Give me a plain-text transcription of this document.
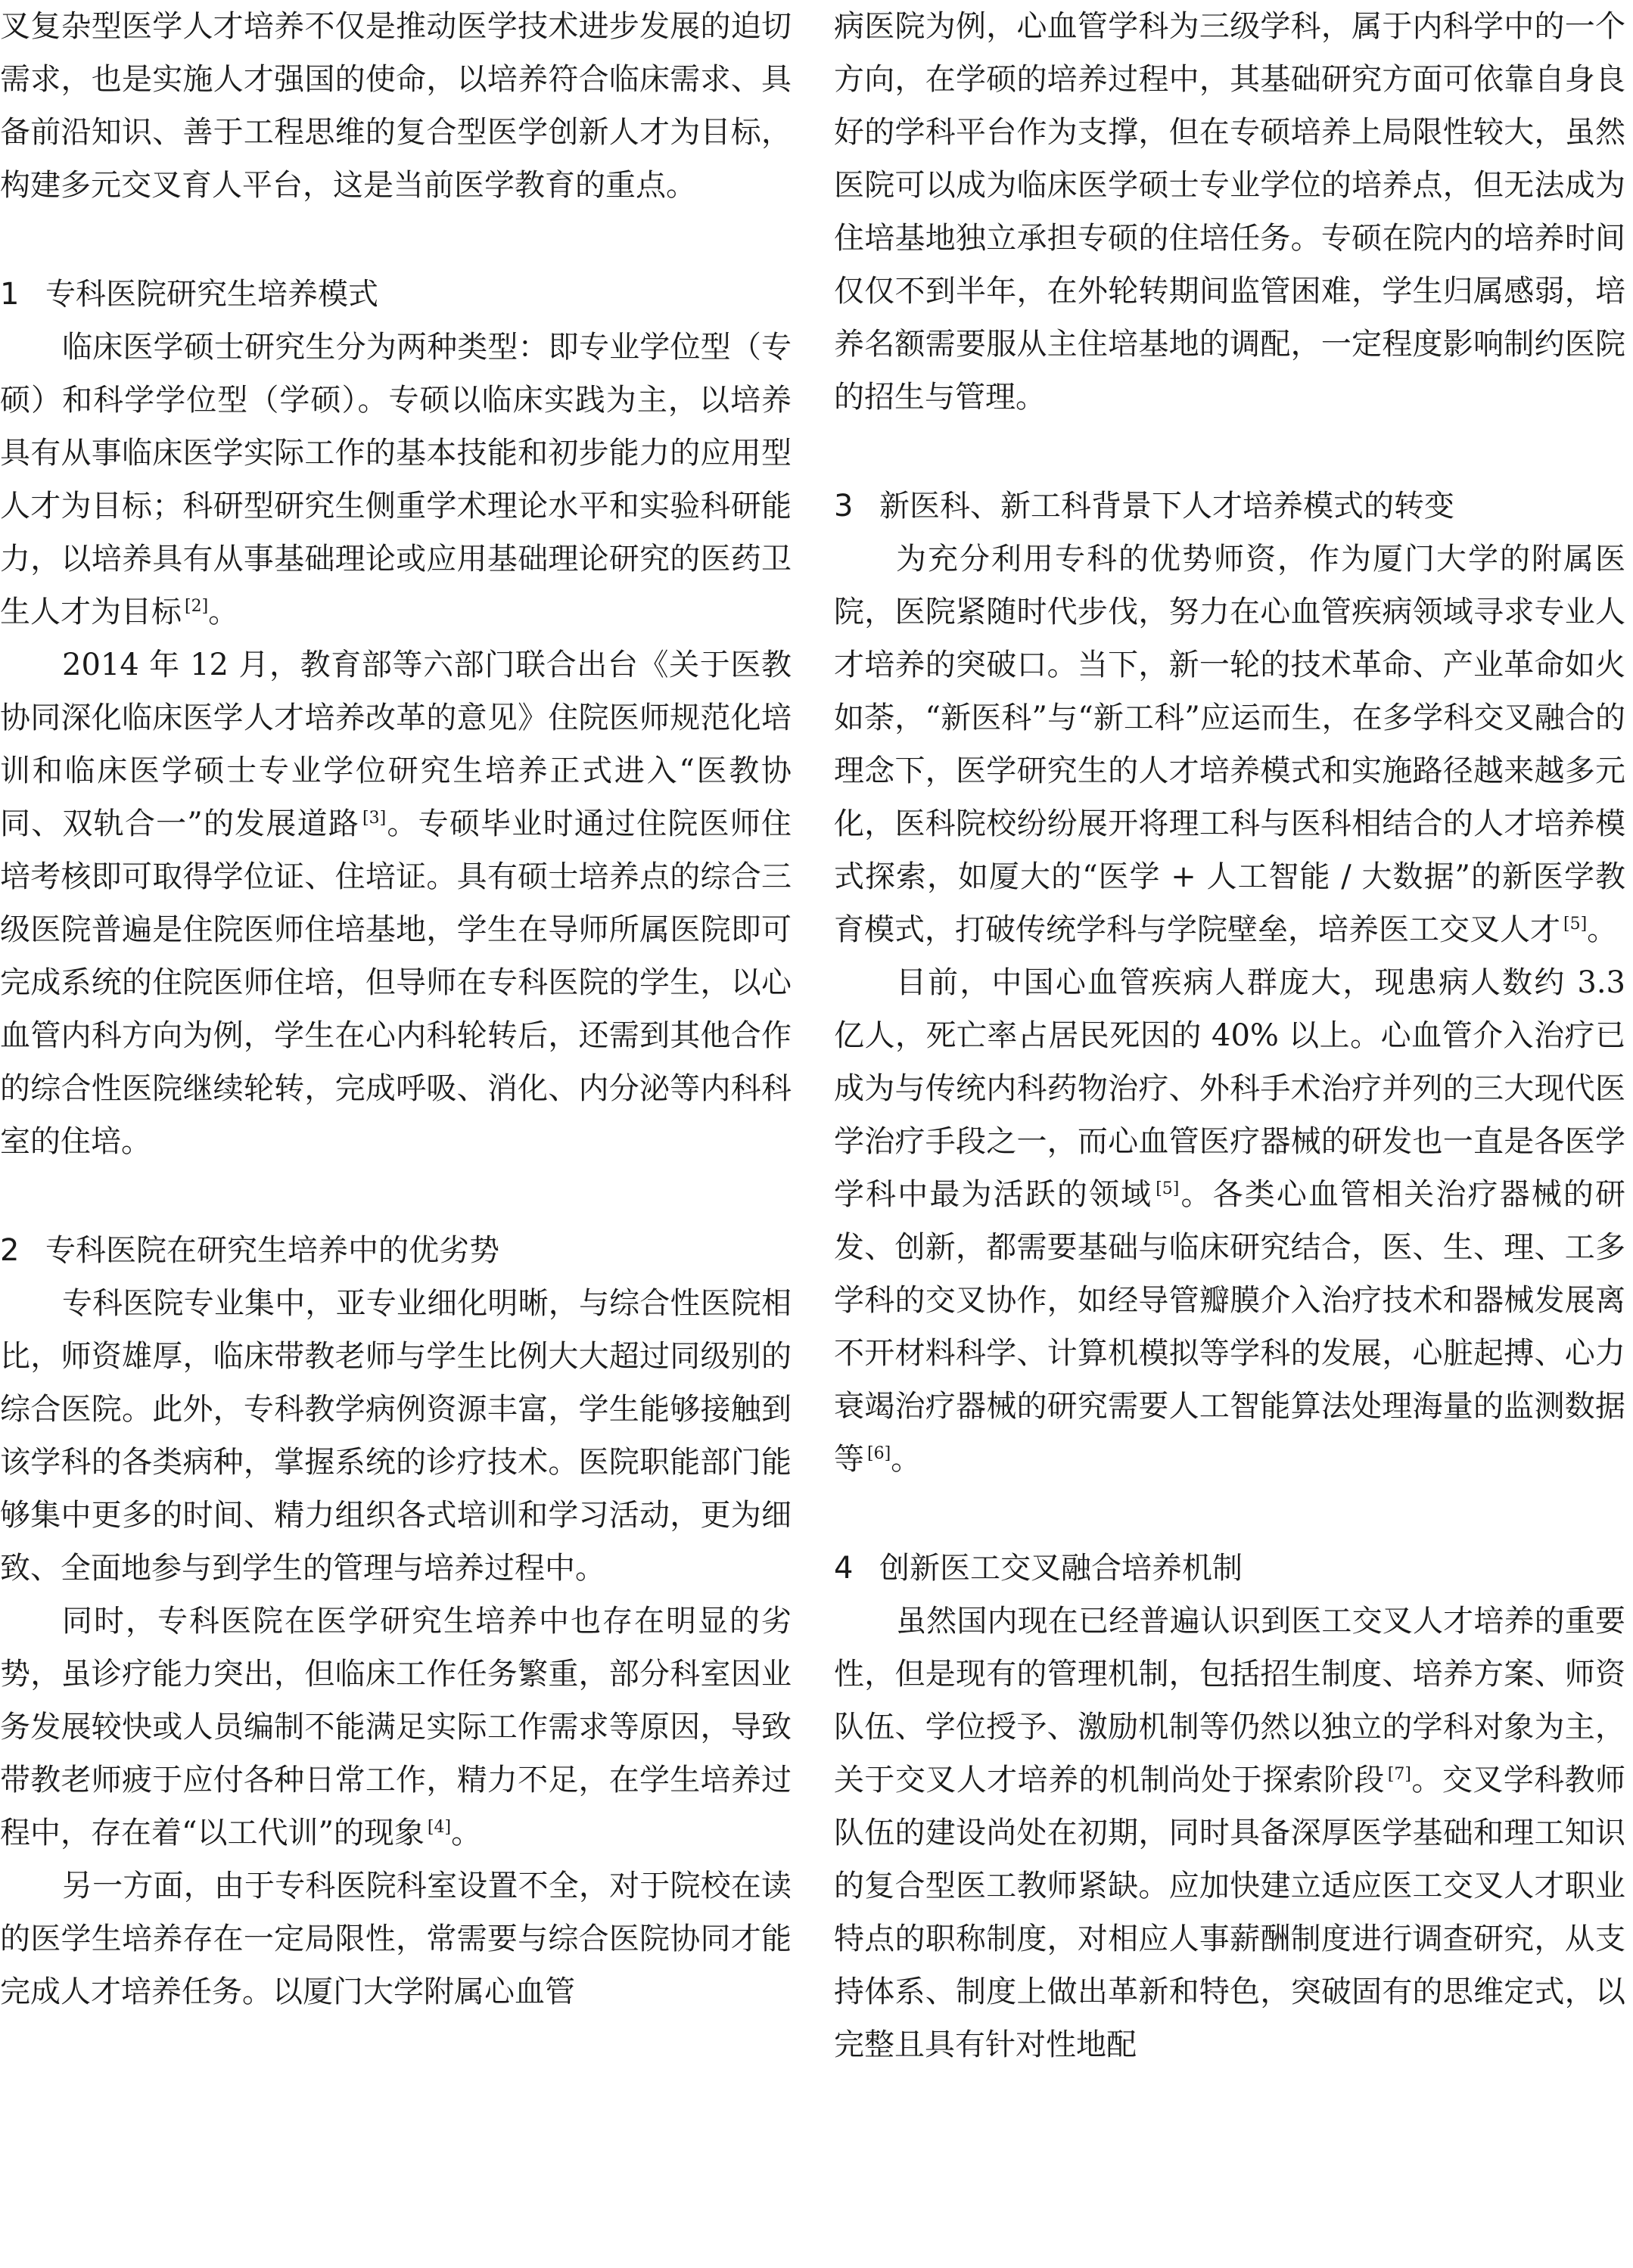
叉复杂型医学人才培养不仅是推动医学技术进步发展的迫切需求，也是实施人才强国的使命，以培养符合临床需求、具备前沿知识、善于工程思维的复合型医学创新人才为目标，构建多元交叉育人平台，这是当前医学教育的重点。

1 专科医院研究生培养模式

临床医学硕士研究生分为两种类型：即专业学位型（专硕）和科学学位型（学硕）。专硕以临床实践为主，以培养具有从事临床医学实际工作的基本技能和初步能力的应用型人才为目标；科研型研究生侧重学术理论水平和实验科研能力，以培养具有从事基础理论或应用基础理论研究的医药卫生人才为目标 [2]。

2014 年 12 月，教育部等六部门联合出台《关于医教协同深化临床医学人才培养改革的意见》住院医师规范化培训和临床医学硕士专业学位研究生培养正式进入“医教协同、双轨合一”的发展道路 [3]。专硕毕业时通过住院医师住培考核即可取得学位证、住培证。具有硕士培养点的综合三级医院普遍是住院医师住培基地，学生在导师所属医院即可完成系统的住院医师住培，但导师在专科医院的学生，以心血管内科方向为例，学生在心内科轮转后，还需到其他合作的综合性医院继续轮转，完成呼吸、消化、内分泌等内科科室的住培。

2 专科医院在研究生培养中的优劣势

专科医院专业集中，亚专业细化明晰，与综合性医院相比，师资雄厚，临床带教老师与学生比例大大超过同级别的综合医院。此外，专科教学病例资源丰富，学生能够接触到该学科的各类病种，掌握系统的诊疗技术。医院职能部门能够集中更多的时间、精力组织各式培训和学习活动，更为细致、全面地参与到学生的管理与培养过程中。

同时，专科医院在医学研究生培养中也存在明显的劣势，虽诊疗能力突出，但临床工作任务繁重，部分科室因业务发展较快或人员编制不能满足实际工作需求等原因，导致带教老师疲于应付各种日常工作，精力不足，在学生培养过程中，存在着“以工代训”的现象 [4]。

另一方面，由于专科医院科室设置不全，对于院校在读的医学生培养存在一定局限性，常需要与综合医院协同才能完成人才培养任务。以厦门大学附属心血管

病医院为例，心血管学科为三级学科，属于内科学中的一个方向，在学硕的培养过程中，其基础研究方面可依靠自身良好的学科平台作为支撑，但在专硕培养上局限性较大，虽然医院可以成为临床医学硕士专业学位的培养点，但无法成为住培基地独立承担专硕的住培任务。专硕在院内的培养时间仅仅不到半年，在外轮转期间监管困难，学生归属感弱，培养名额需要服从主住培基地的调配，一定程度影响制约医院的招生与管理。

3 新医科、新工科背景下人才培养模式的转变

为充分利用专科的优势师资，作为厦门大学的附属医院，医院紧随时代步伐，努力在心血管疾病领域寻求专业人才培养的突破口。当下，新一轮的技术革命、产业革命如火如荼，“新医科”与“新工科”应运而生，在多学科交叉融合的理念下，医学研究生的人才培养模式和实施路径越来越多元化，医科院校纷纷展开将理工科与医科相结合的人才培养模式探索，如厦大的“医学 + 人工智能 / 大数据”的新医学教育模式，打破传统学科与学院壁垒，培养医工交叉人才 [5]。

目前，中国心血管疾病人群庞大，现患病人数约 3.3 亿人，死亡率占居民死因的 40% 以上。心血管介入治疗已成为与传统内科药物治疗、外科手术治疗并列的三大现代医学治疗手段之一，而心血管医疗器械的研发也一直是各医学学科中最为活跃的领域 [5]。各类心血管相关治疗器械的研发、创新，都需要基础与临床研究结合，医、生、理、工多学科的交叉协作，如经导管瓣膜介入治疗技术和器械发展离不开材料科学、计算机模拟等学科的发展，心脏起搏、心力衰竭治疗器械的研究需要人工智能算法处理海量的监测数据等 [6]。

4 创新医工交叉融合培养机制

虽然国内现在已经普遍认识到医工交叉人才培养的重要性，但是现有的管理机制，包括招生制度、培养方案、师资队伍、学位授予、激励机制等仍然以独立的学科对象为主，关于交叉人才培养的机制尚处于探索阶段 [7]。交叉学科教师队伍的建设尚处在初期，同时具备深厚医学基础和理工知识的复合型医工教师紧缺。应加快建立适应医工交叉人才职业特点的职称制度，对相应人事薪酬制度进行调查研究，从支持体系、制度上做出革新和特色，突破固有的思维定式，以完整且具有针对性地配
